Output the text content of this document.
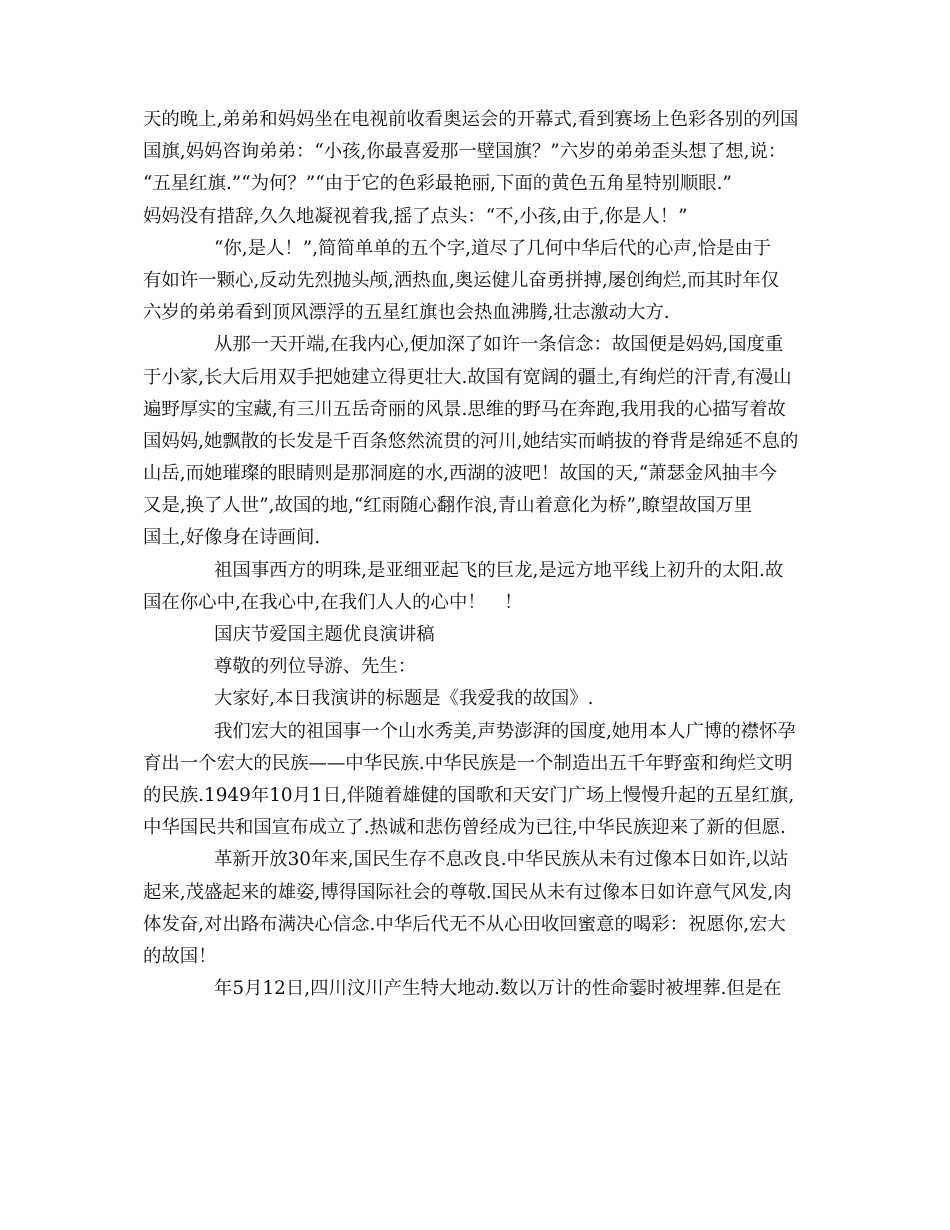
天的晚上,弟弟和妈妈坐在电视前收看奥运会的开幕式,看到赛场上色彩各别的列国
国旗,妈妈咨询弟弟：“小孩,你最喜爱那一壁国旗？”六岁的弟弟歪头想了想,说：
“五星红旗.”“为何？”“由于它的色彩最艳丽,下面的黄色五角星特别顺眼.”
妈妈没有措辞,久久地凝视着我,摇了点头：“不,小孩,由于,你是人！”
“你,是人！”,简简单单的五个字,道尽了几何中华后代的心声,恰是由于
有如许一颗心,反动先烈抛头颅,洒热血,奥运健儿奋勇拼搏,屡创绚烂,而其时年仅
六岁的弟弟看到顶风漂浮的五星红旗也会热血沸腾,壮志激动大方.
从那一天开端,在我内心,便加深了如许一条信念：故国便是妈妈,国度重
于小家,长大后用双手把她建立得更壮大.故国有宽阔的疆土,有绚烂的汗青,有漫山
遍野厚实的宝藏,有三川五岳奇丽的风景.思维的野马在奔跑,我用我的心描写着故
国妈妈,她飘散的长发是千百条悠然流贯的河川,她结实而峭拔的脊背是绵延不息的
山岳,而她璀璨的眼睛则是那洞庭的水,西湖的波吧！故国的天,“萧瑟金风抽丰今
又是,换了人世”,故国的地,“红雨随心翻作浪,青山着意化为桥”,瞭望故国万里
国土,好像身在诗画间.
祖国事西方的明珠,是亚细亚起飞的巨龙,是远方地平线上初升的太阳.故
国在你心中,在我心中,在我们人人的心中！　！
国庆节爱国主题优良演讲稿
尊敬的列位导游、先生：
大家好,本日我演讲的标题是《我爱我的故国》.
我们宏大的祖国事一个山水秀美,声势澎湃的国度,她用本人广博的襟怀孕
育出一个宏大的民族——中华民族.中华民族是一个制造出五千年野蛮和绚烂文明
的民族.1949年10月1日,伴随着雄健的国歌和天安门广场上慢慢升起的五星红旗,
中华国民共和国宣布成立了.热诚和悲伤曾经成为已往,中华民族迎来了新的但愿.
革新开放30年来,国民生存不息改良.中华民族从未有过像本日如许,以站
起来,茂盛起来的雄姿,博得国际社会的尊敬.国民从未有过像本日如许意气风发,肉
体发奋,对出路布满决心信念.中华后代无不从心田收回蜜意的喝彩：祝愿你,宏大
的故国！
年5月12日,四川汶川产生特大地动.数以万计的性命霎时被埋葬.但是在
